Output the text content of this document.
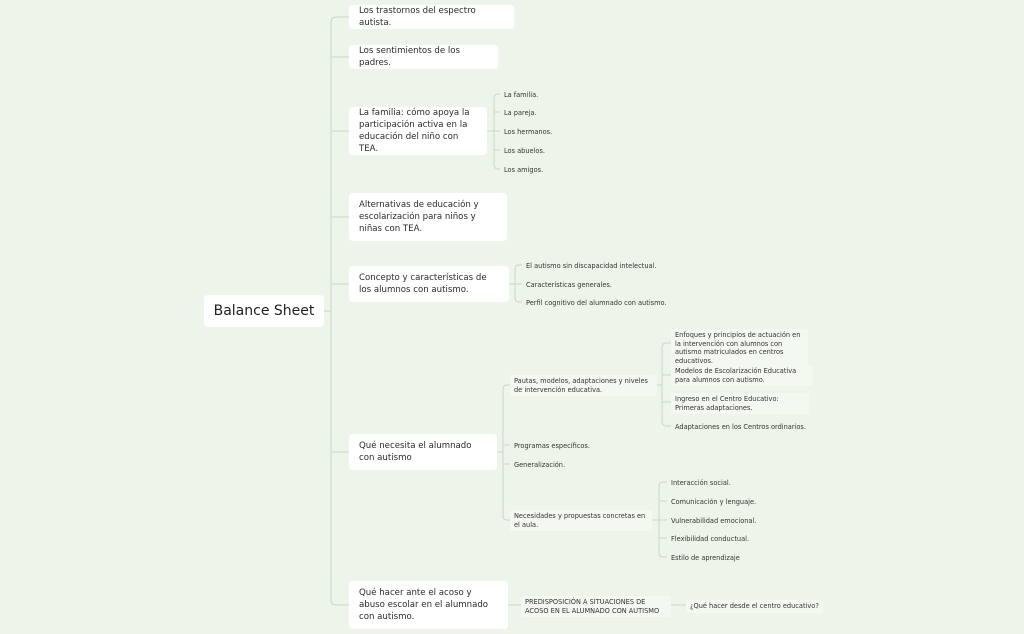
Balance Sheet
Los trastornos del espectro autista.
Los sentimientos de los padres.
La familia: cómo apoya la participación activa en la educación del niño con TEA.
Alternativas de educación y escolarización para niños y niñas con TEA.
Concepto y características de los alumnos con autismo.
Qué necesita el alumnado con autismo
Qué hacer ante el acoso y abuso escolar en el alumnado con autismo.
La familia.
La pareja.
Los hermanos.
Los abuelos.
Los amigos.
El autismo sin discapacidad intelectual.
Características generales.
Perfil cognitivo del alumnado con autismo.
Pautas, modelos, adaptaciones y niveles de intervención educativa.
Programas específicos.
Generalización.
Necesidades y propuestas concretas en el aula.
Enfoques y principios de actuación en la intervención con alumnos con autismo matriculados en centros educativos.
Modelos de Escolarización Educativa para alumnos con autismo.
Ingreso en el Centro Educativo: Primeras adaptaciones.
Adaptaciones en los Centros ordinarios.
Interacción social.
Comunicación y lenguaje.
Vulnerabilidad emocional.
Flexibilidad conductual.
Estilo de aprendizaje
PREDISPOSICIÓN A SITUACIONES DE ACOSO EN EL ALUMNADO CON AUTISMO
¿Qué hacer desde el centro educativo?
